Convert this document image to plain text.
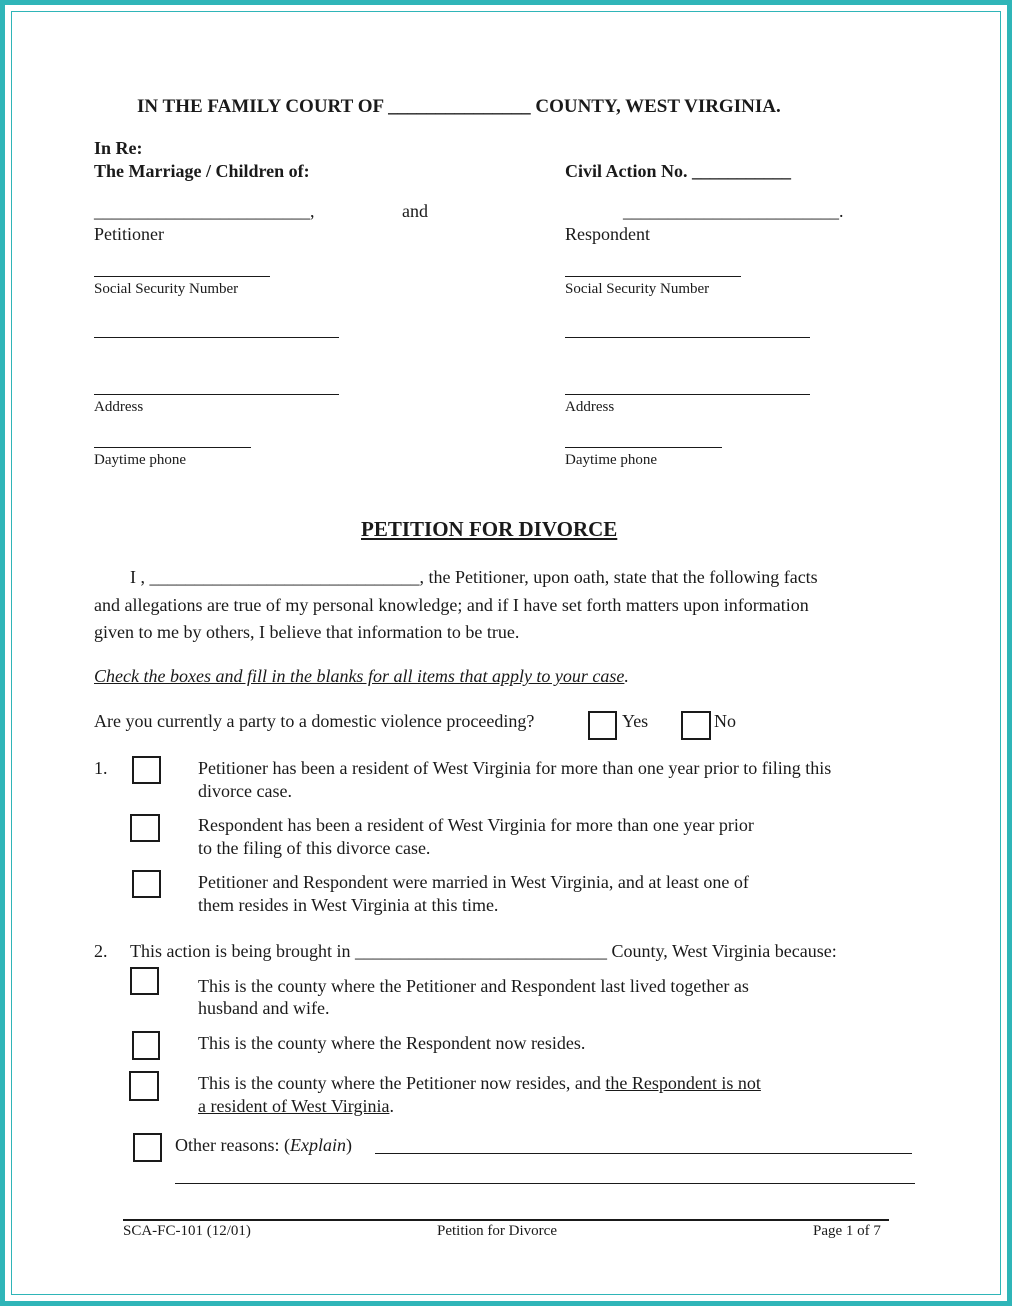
IN THE FAMILY COURT OF _______________ COUNTY, WEST VIRGINIA.
In Re:
The Marriage / Children of:	Civil Action No. ___________
________________________,	and	________________________.
Petitioner	Respondent
Social Security Number	Social Security Number
Address	Address
Daytime phone	Daytime phone
PETITION FOR DIVORCE
I , ______________________________, the Petitioner, upon oath, state that the following facts
and allegations are true of my personal knowledge; and if I have set forth matters upon information
given to me by others, I believe that information to be true.
Check the boxes and fill in the blanks for all items that apply to your case.
Are you currently a party to a domestic violence proceeding?	Yes	No
1.	Petitioner has been a resident of West Virginia for more than one year prior to filing this
divorce case.
Respondent has been a resident of West Virginia for more than one year prior
to the filing of this divorce case.
Petitioner and Respondent were married in West Virginia, and at least one of
them resides in West Virginia at this time.
2. This action is being brought in ____________________________ County, West Virginia because:
This is the county where the Petitioner and Respondent last lived together as
husband and wife.
This is the county where the Respondent now resides.
This is the county where the Petitioner now resides, and the Respondent is not
a resident of West Virginia.
Other reasons: (Explain)
SCA-FC-101 (12/01)	Petition for Divorce	Page 1 of 7
